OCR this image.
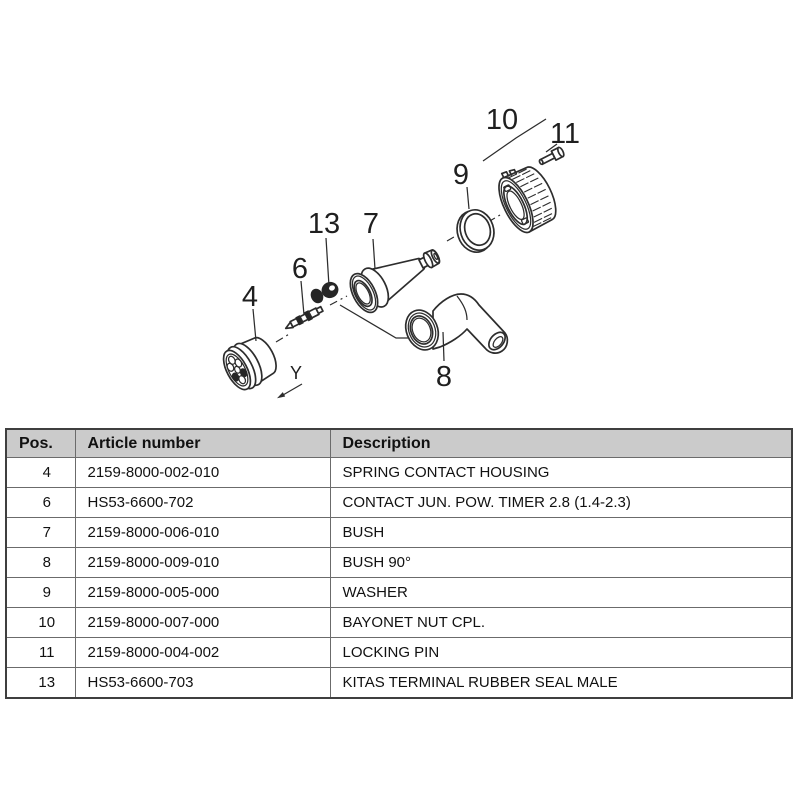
4
6
13 7
9
10 11
8
Y
Pos.	Article number	Description
4	2159-8000-002-010	SPRING CONTACT HOUSING
6	HS53-6600-702	CONTACT JUN. POW. TIMER 2.8 (1.4-2.3)
7	2159-8000-006-010	BUSH
8	2159-8000-009-010	BUSH 90°
9	2159-8000-005-000	WASHER
10	2159-8000-007-000	BAYONET NUT CPL.
11	2159-8000-004-002	LOCKING PIN
13	HS53-6600-703	KITAS TERMINAL RUBBER SEAL MALE
